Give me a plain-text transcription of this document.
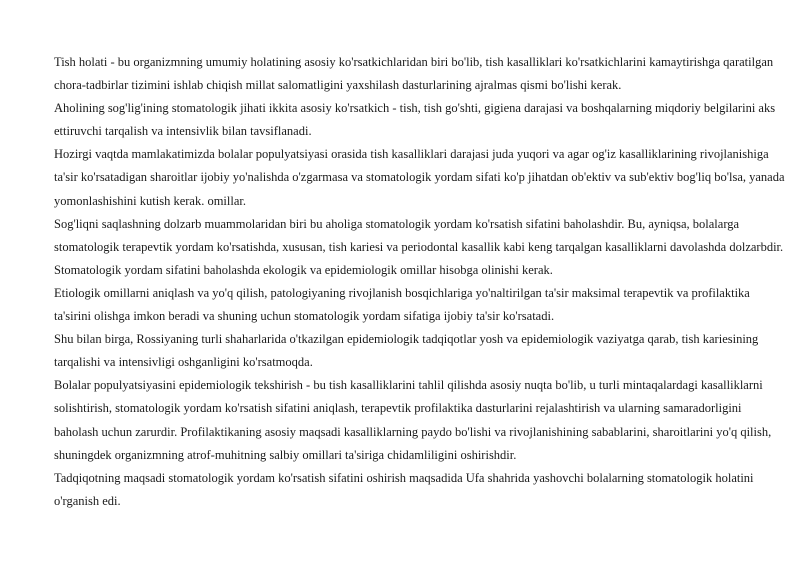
Tish holati - bu organizmning umumiy holatining asosiy ko'rsatkichlaridan biri bo'lib, tish kasalliklari ko'rsatkichlarini kamaytirishga qaratilgan chora-tadbirlar tizimini ishlab chiqish millat salomatligini yaxshilash dasturlarining ajralmas qismi bo'lishi kerak.

Aholining sog'lig'ining stomatologik jihati ikkita asosiy ko'rsatkich - tish, tish go'shti, gigiena darajasi va boshqalarning miqdoriy belgilarini aks ettiruvchi tarqalish va intensivlik bilan tavsiflanadi.

Hozirgi vaqtda mamlakatimizda bolalar populyatsiyasi orasida tish kasalliklari darajasi juda yuqori va agar og'iz kasalliklarining rivojlanishiga ta'sir ko'rsatadigan sharoitlar ijobiy yo'nalishda o'zgarmasa va stomatologik yordam sifati ko'p jihatdan ob'ektiv va sub'ektiv bog'liq bo'lsa, yanada yomonlashishini kutish kerak. omillar.

Sog'liqni saqlashning dolzarb muammolaridan biri bu aholiga stomatologik yordam ko'rsatish sifatini baholashdir. Bu, ayniqsa, bolalarga stomatologik terapevtik yordam ko'rsatishda, xususan, tish kariesi va periodontal kasallik kabi keng tarqalgan kasalliklarni davolashda dolzarbdir. Stomatologik yordam sifatini baholashda ekologik va epidemiologik omillar hisobga olinishi kerak.

Etiologik omillarni aniqlash va yo'q qilish, patologiyaning rivojlanish bosqichlariga yo'naltirilgan ta'sir maksimal terapevtik va profilaktika ta'sirini olishga imkon beradi va shuning uchun stomatologik yordam sifatiga ijobiy ta'sir ko'rsatadi.

Shu bilan birga, Rossiyaning turli shaharlarida o'tkazilgan epidemiologik tadqiqotlar yosh va epidemiologik vaziyatga qarab, tish kariesining tarqalishi va intensivligi oshganligini ko'rsatmoqda.

Bolalar populyatsiyasini epidemiologik tekshirish - bu tish kasalliklarini tahlil qilishda asosiy nuqta bo'lib, u turli mintaqalardagi kasalliklarni solishtirish, stomatologik yordam ko'rsatish sifatini aniqlash, terapevtik profilaktika dasturlarini rejalashtirish va ularning samaradorligini baholash uchun zarurdir. Profilaktikaning asosiy maqsadi kasalliklarning paydo bo'lishi va rivojlanishining sabablarini, sharoitlarini yo'q qilish, shuningdek organizmning atrof-muhitning salbiy omillari ta'siriga chidamliligini oshirishdir.

Tadqiqotning maqsadi stomatologik yordam ko'rsatish sifatini oshirish maqsadida Ufa shahrida yashovchi bolalarning stomatologik holatini o'rganish edi.
